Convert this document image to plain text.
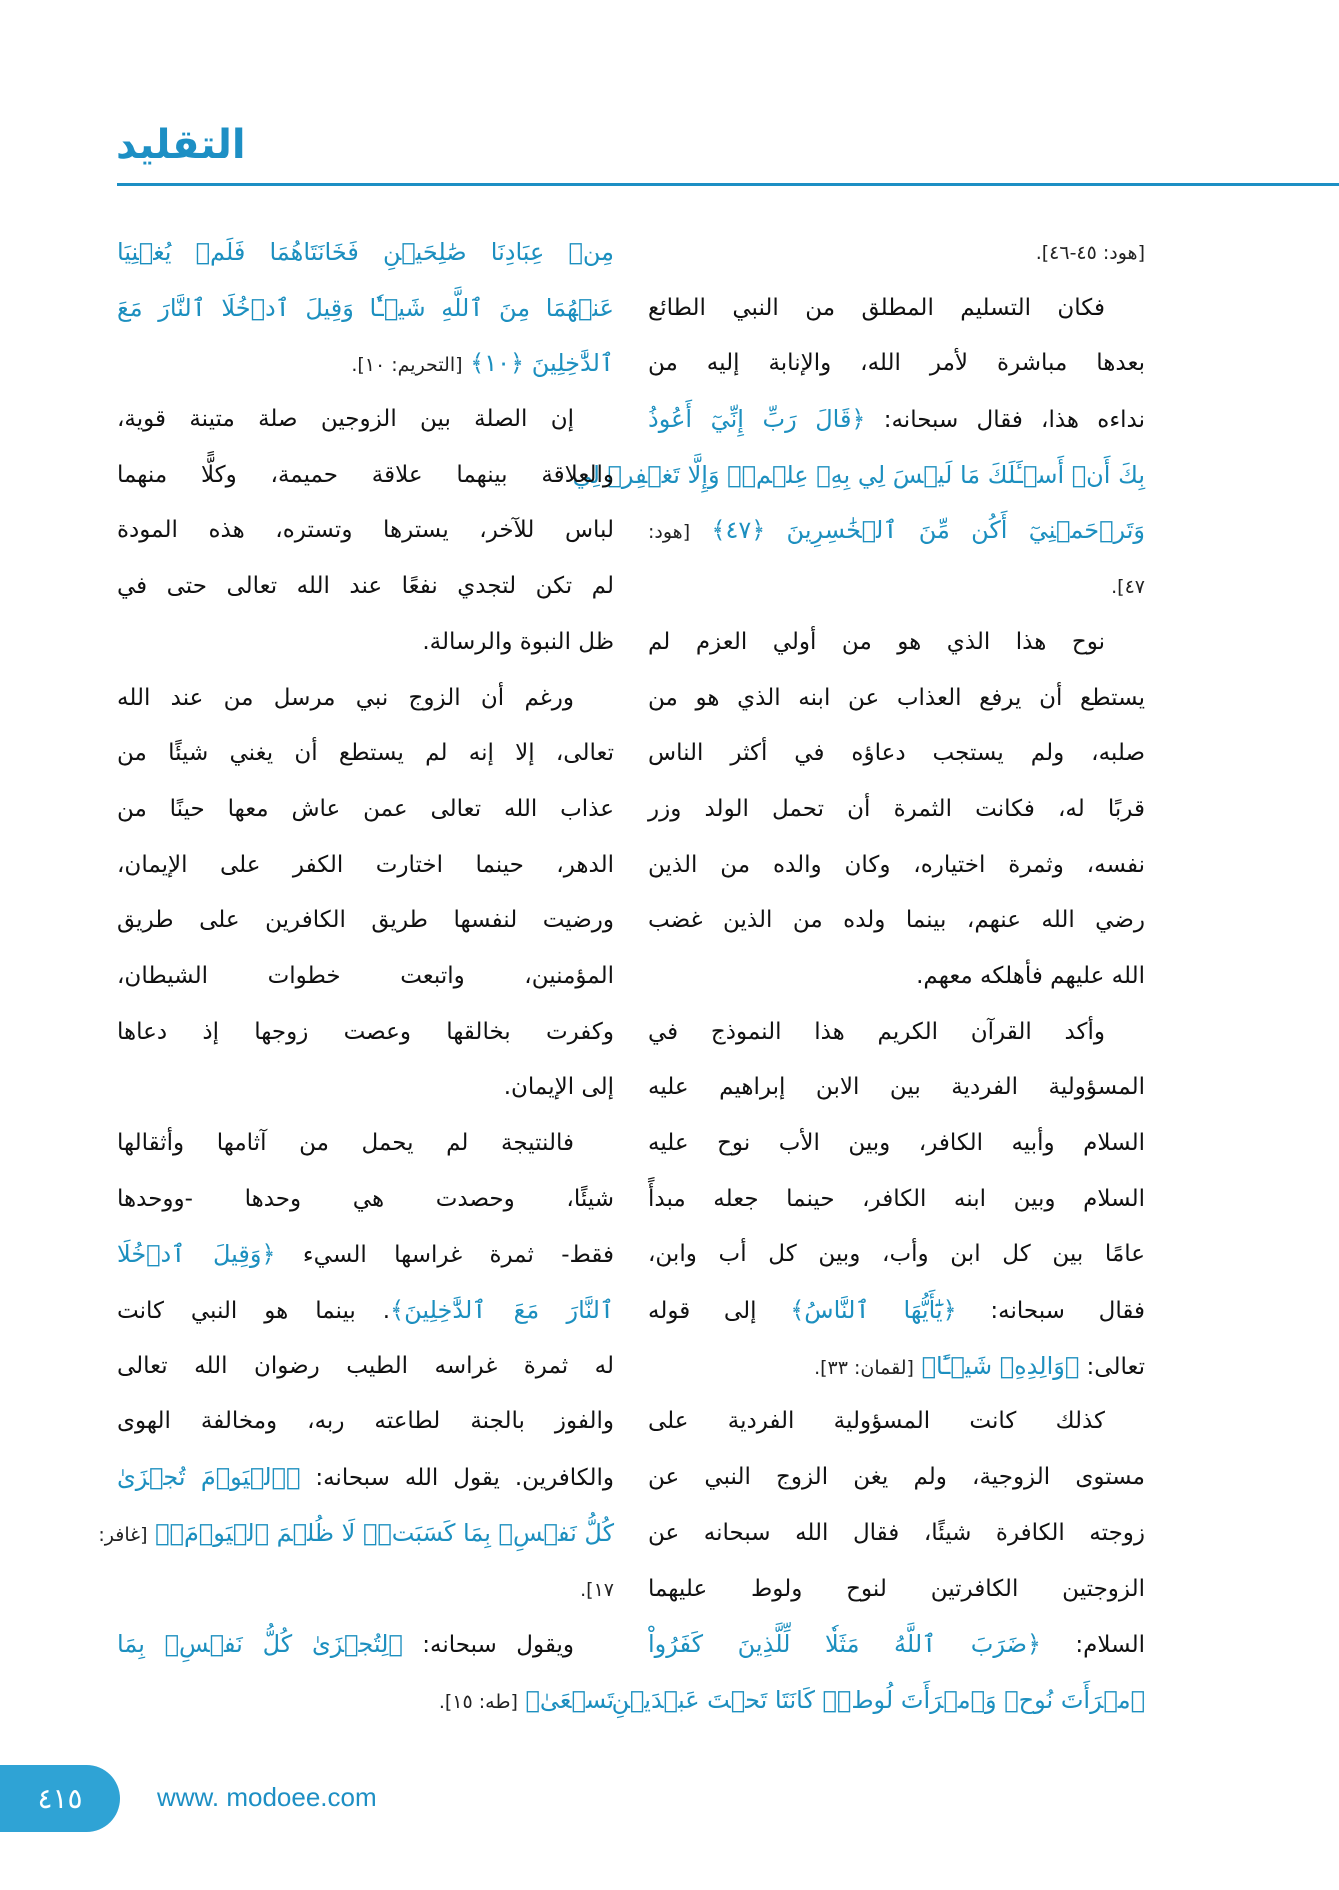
التقليد
[هود: ٤٥-٤٦].
فكان التسليم المطلق من النبي الطائع
بعدها مباشرة لأمر الله، والإنابة إليه من
نداءه هذا، فقال سبحانه: ﴿قَالَ رَبِّ إِنِّيٓ أَعُوذُ
بِكَ أَنۡ أَسۡـَٔلَكَ مَا لَيۡسَ لِي بِهِۦ عِلۡمٞۖ وَإِلَّا تَغۡفِرۡ لِي
وَتَرۡحَمۡنِيٓ أَكُن مِّنَ ٱلۡخَٰسِرِينَ ﴿٤٧﴾ [هود:
٤٧].
نوح هذا الذي هو من أولي العزم لم
يستطع أن يرفع العذاب عن ابنه الذي هو من
صلبه، ولم يستجب دعاؤه في أكثر الناس
قربًا له، فكانت الثمرة أن تحمل الولد وزر
نفسه، وثمرة اختياره، وكان والده من الذين
رضي الله عنهم، بينما ولده من الذين غضب
الله عليهم فأهلكه معهم.
وأكد القرآن الكريم هذا النموذج في
المسؤولية الفردية بين الابن إبراهيم عليه
السلام وأبيه الكافر، وبين الأب نوح عليه
السلام وبين ابنه الكافر، حينما جعله مبدأً
عامًا بين كل ابن وأب، وبين كل أب وابن،
فقال سبحانه: ﴿يَٰٓأَيُّهَا ٱلنَّاسُ﴾ إلى قوله
تعالى: ﴿وَالِدِهِۦ شَيۡـًٔا﴾ [لقمان: ٣٣].
كذلك كانت المسؤولية الفردية على
مستوى الزوجية، ولم يغن الزوج النبي عن
زوجته الكافرة شيئًا، فقال الله سبحانه عن
الزوجتين الكافرتين لنوح ولوط عليهما
السلام: ﴿ضَرَبَ ٱللَّهُ مَثَلٗا لِّلَّذِينَ كَفَرُواْ
ٱمۡرَأَتَ نُوحٖ وَٱمۡرَأَتَ لُوطٖۖ كَانَتَا تَحۡتَ عَبۡدَيۡنِ
مِنۡ عِبَادِنَا صَٰلِحَيۡنِ فَخَانَتَاهُمَا فَلَمۡ يُغۡنِيَا
عَنۡهُمَا مِنَ ٱللَّهِ شَيۡـٔٗا وَقِيلَ ٱدۡخُلَا ٱلنَّارَ مَعَ
ٱلدَّٰخِلِينَ ﴿١٠﴾ [التحريم: ١٠].
إن الصلة بين الزوجين صلة متينة قوية،
والعلاقة بينهما علاقة حميمة، وكلًّا منهما
لباس للآخر، يسترها وتستره، هذه المودة
لم تكن لتجدي نفعًا عند الله تعالى حتى في
ظل النبوة والرسالة.
ورغم أن الزوج نبي مرسل من عند الله
تعالى، إلا إنه لم يستطع أن يغني شيئًا من
عذاب الله تعالى عمن عاش معها حينًا من
الدهر، حينما اختارت الكفر على الإيمان،
ورضيت لنفسها طريق الكافرين على طريق
المؤمنين، واتبعت خطوات الشيطان،
وكفرت بخالقها وعصت زوجها إذ دعاها
إلى الإيمان.
فالنتيجة لم يحمل من آثامها وأثقالها
شيئًا، وحصدت هي وحدها -ووحدها
فقط- ثمرة غراسها السيء ﴿وَقِيلَ ٱدۡخُلَا
ٱلنَّارَ مَعَ ٱلدَّٰخِلِينَ﴾. بينما هو النبي كانت
له ثمرة غراسه الطيب رضوان الله تعالى
والفوز بالجنة لطاعته ربه، ومخالفة الهوى
والكافرين. يقول الله سبحانه: ﴿ٱلۡيَوۡمَ تُجۡزَىٰ
كُلُّ نَفۡسِۭ بِمَا كَسَبَتۡۚ لَا ظُلۡمَ ٱلۡيَوۡمَۚ﴾ [غافر:
١٧].
ويقول سبحانه: ﴿لِتُجۡزَىٰ كُلُّ نَفۡسِۭ بِمَا
تَسۡعَىٰ﴾ [طه: ١٥].
٤١٥	www. modoee.com
